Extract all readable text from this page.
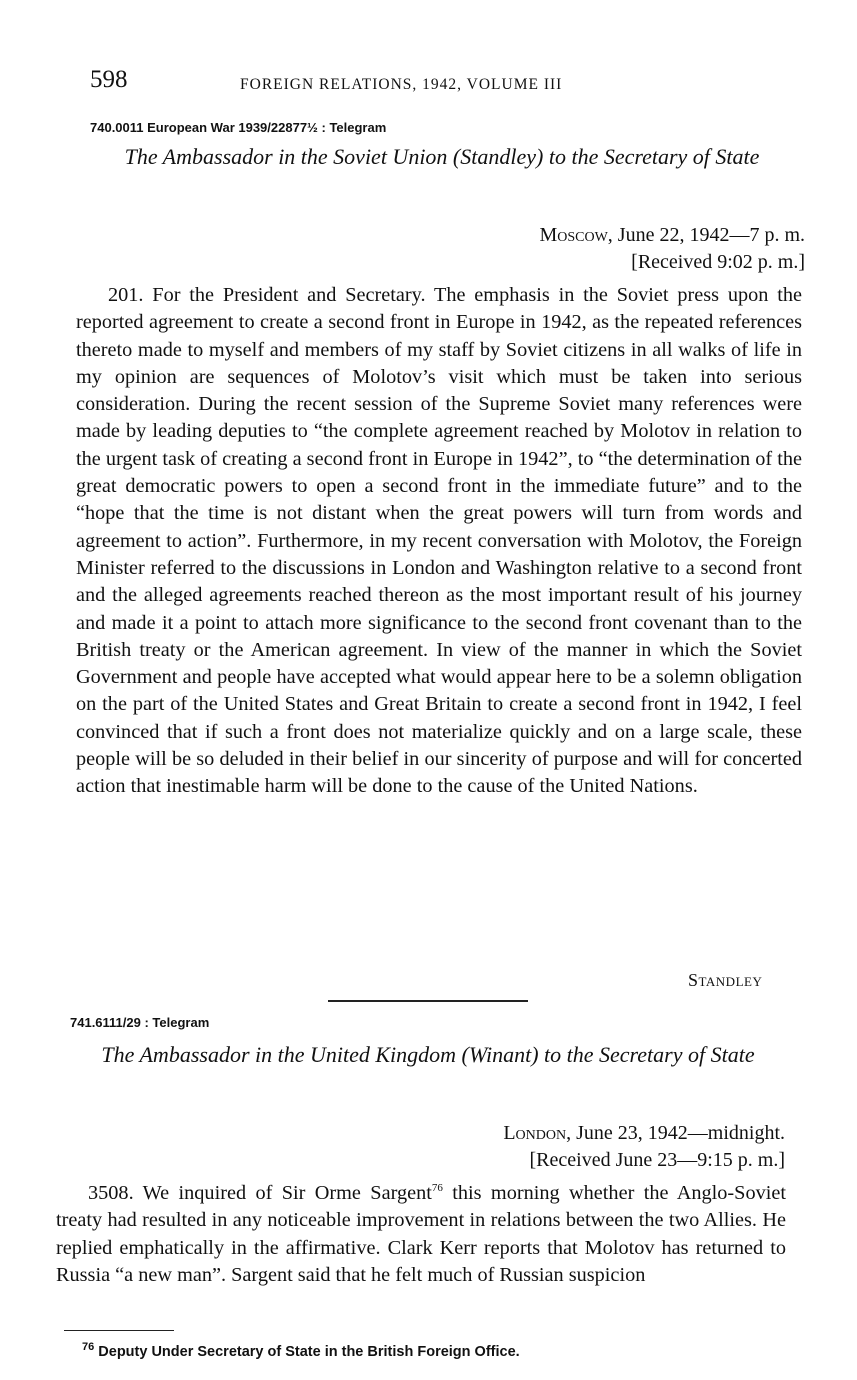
598	FOREIGN RELATIONS, 1942, VOLUME III
740.0011 European War 1939/22877½ : Telegram
The Ambassador in the Soviet Union (Standley) to the Secretary of State
Moscow, June 22, 1942—7 p. m.
[Received 9:02 p. m.]
201. For the President and Secretary. The emphasis in the Soviet press upon the reported agreement to create a second front in Europe in 1942, as the repeated references thereto made to myself and members of my staff by Soviet citizens in all walks of life in my opinion are sequences of Molotov’s visit which must be taken into serious consideration. During the recent session of the Supreme Soviet many references were made by leading deputies to “the complete agreement reached by Molotov in relation to the urgent task of creating a second front in Europe in 1942”, to “the determination of the great democratic powers to open a second front in the immediate future” and to the “hope that the time is not distant when the great powers will turn from words and agreement to action”. Furthermore, in my recent conversation with Molotov, the Foreign Minister referred to the discussions in London and Washington relative to a second front and the alleged agreements reached thereon as the most important result of his journey and made it a point to attach more significance to the second front covenant than to the British treaty or the American agreement. In view of the manner in which the Soviet Government and people have accepted what would appear here to be a solemn obligation on the part of the United States and Great Britain to create a second front in 1942, I feel convinced that if such a front does not materialize quickly and on a large scale, these people will be so deluded in their belief in our sincerity of purpose and will for concerted action that inestimable harm will be done to the cause of the United Nations.
Standley
741.6111/29 : Telegram
The Ambassador in the United Kingdom (Winant) to the Secretary of State
London, June 23, 1942—midnight.
[Received June 23—9:15 p. m.]
3508. We inquired of Sir Orme Sargent$^{76}$ this morning whether the Anglo-Soviet treaty had resulted in any noticeable improvement in relations between the two Allies. He replied emphatically in the affirmative. Clark Kerr reports that Molotov has returned to Russia “a new man”. Sargent said that he felt much of Russian suspicion
$^{76}$ Deputy Under Secretary of State in the British Foreign Office.
